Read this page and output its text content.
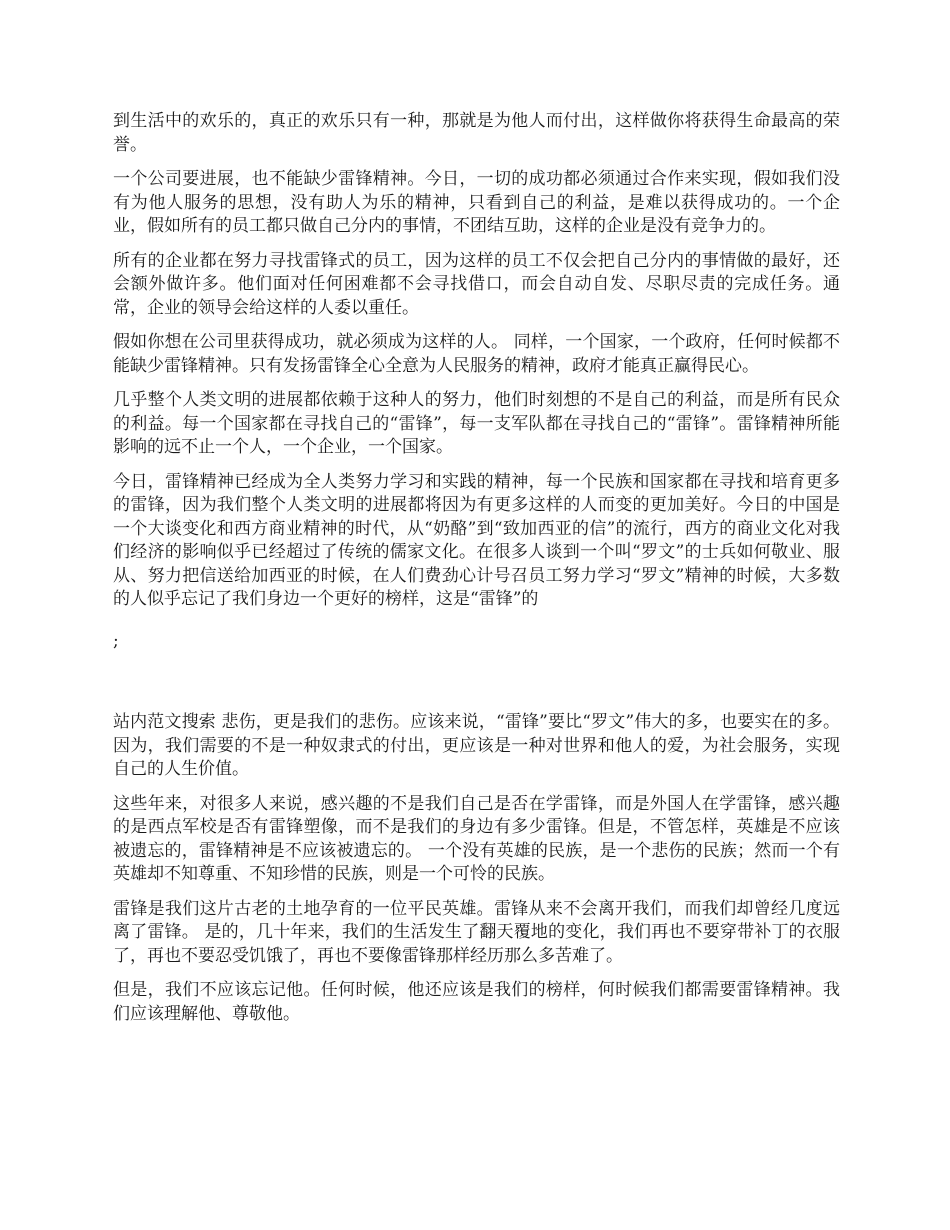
到生活中的欢乐的，真正的欢乐只有一种，那就是为他人而付出，这样做你将获得生命最高的荣誉。

一个公司要进展，也不能缺少雷锋精神。今日，一切的成功都必须通过合作来实现，假如我们没有为他人服务的思想，没有助人为乐的精神，只看到自己的利益，是难以获得成功的。一个企业，假如所有的员工都只做自己分内的事情，不团结互助，这样的企业是没有竞争力的。

所有的企业都在努力寻找雷锋式的员工，因为这样的员工不仅会把自己分内的事情做的最好，还会额外做许多。他们面对任何困难都不会寻找借口，而会自动自发、尽职尽责的完成任务。通常，企业的领导会给这样的人委以重任。

假如你想在公司里获得成功，就必须成为这样的人。 同样，一个国家，一个政府，任何时候都不能缺少雷锋精神。只有发扬雷锋全心全意为人民服务的精神，政府才能真正赢得民心。

几乎整个人类文明的进展都依赖于这种人的努力，他们时刻想的不是自己的利益，而是所有民众的利益。每一个国家都在寻找自己的“雷锋”，每一支军队都在寻找自己的“雷锋”。雷锋精神所能影响的远不止一个人，一个企业，一个国家。

今日，雷锋精神已经成为全人类努力学习和实践的精神，每一个民族和国家都在寻找和培育更多的雷锋，因为我们整个人类文明的进展都将因为有更多这样的人而变的更加美好。今日的中国是一个大谈变化和西方商业精神的时代，从“奶酪”到“致加西亚的信”的流行，西方的商业文化对我们经济的影响似乎已经超过了传统的儒家文化。在很多人谈到一个叫“罗文”的士兵如何敬业、服从、努力把信送给加西亚的时候，在人们费劲心计号召员工努力学习“罗文”精神的时候，大多数的人似乎忘记了我们身边一个更好的榜样，这是“雷锋”的

;

站内范文搜索 悲伤，更是我们的悲伤。应该来说，“雷锋”要比“罗文”伟大的多，也要实在的多。因为，我们需要的不是一种奴隶式的付出，更应该是一种对世界和他人的爱，为社会服务，实现自己的人生价值。

这些年来，对很多人来说，感兴趣的不是我们自己是否在学雷锋，而是外国人在学雷锋，感兴趣的是西点军校是否有雷锋塑像，而不是我们的身边有多少雷锋。但是，不管怎样，英雄是不应该被遗忘的，雷锋精神是不应该被遗忘的。 一个没有英雄的民族，是一个悲伤的民族；然而一个有英雄却不知尊重、不知珍惜的民族，则是一个可怜的民族。

雷锋是我们这片古老的土地孕育的一位平民英雄。雷锋从来不会离开我们，而我们却曾经几度远离了雷锋。 是的，几十年来，我们的生活发生了翻天覆地的变化，我们再也不要穿带补丁的衣服了，再也不要忍受饥饿了，再也不要像雷锋那样经历那么多苦难了。

但是，我们不应该忘记他。任何时候，他还应该是我们的榜样，何时候我们都需要雷锋精神。我们应该理解他、尊敬他。
